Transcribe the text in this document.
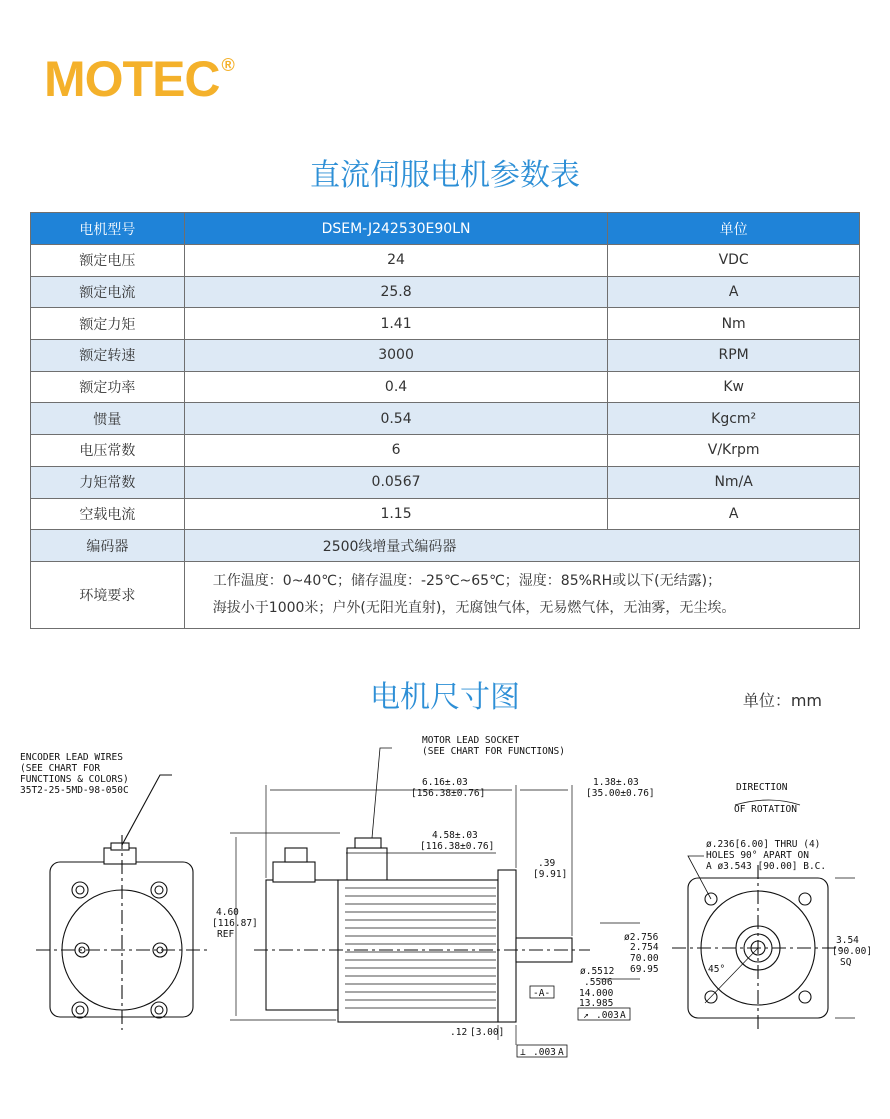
MOTEC ®
直流伺服电机参数表
电机型号	DSEM-J242530E90LN	单位
额定电压	24	VDC
额定电流	25.8	A
额定力矩	1.41	Nm
额定转速	3000	RPM
额定功率	0.4	Kw
惯量	0.54	Kgcm²
电压常数	6	V/Krpm
力矩常数	0.0567	Nm/A
空载电流	1.15	A
编码器	2500线增量式编码器	
环境要求	工作温度：0~40℃；储存温度：-25℃~65℃；湿度：85%RH或以下(无结露)；
海拔小于1000米；户外(无阳光直射)，无腐蚀气体，无易燃气体，无油雾，无尘埃。	
电机尺寸图	单位：mm
ENCODER LEAD WIRES
(SEE CHART FOR
FUNCTIONS & COLORS)
35T2-25-5MD-98-050C
MOTOR LEAD SOCKET
(SEE CHART FOR FUNCTIONS)
6.16±.03
[156.38±0.76]
1.38±.03
[35.00±0.76]
4.58±.03
[116.38±0.76]
.39
[9.91]
4.60
[116.87]
REF	ø2.756
2.754
70.00
69.95
ø.5512
.5506
14.000
13.985
-A-
↗ .003 A
.12 [3.00]
⊥ .003 A
DIRECTION
OF ROTATION
ø.236[6.00] THRU (4)
HOLES 90° APART ON
A ø3.543 [90.00] B.C.
3.54
[90.00]
SQ
45°
